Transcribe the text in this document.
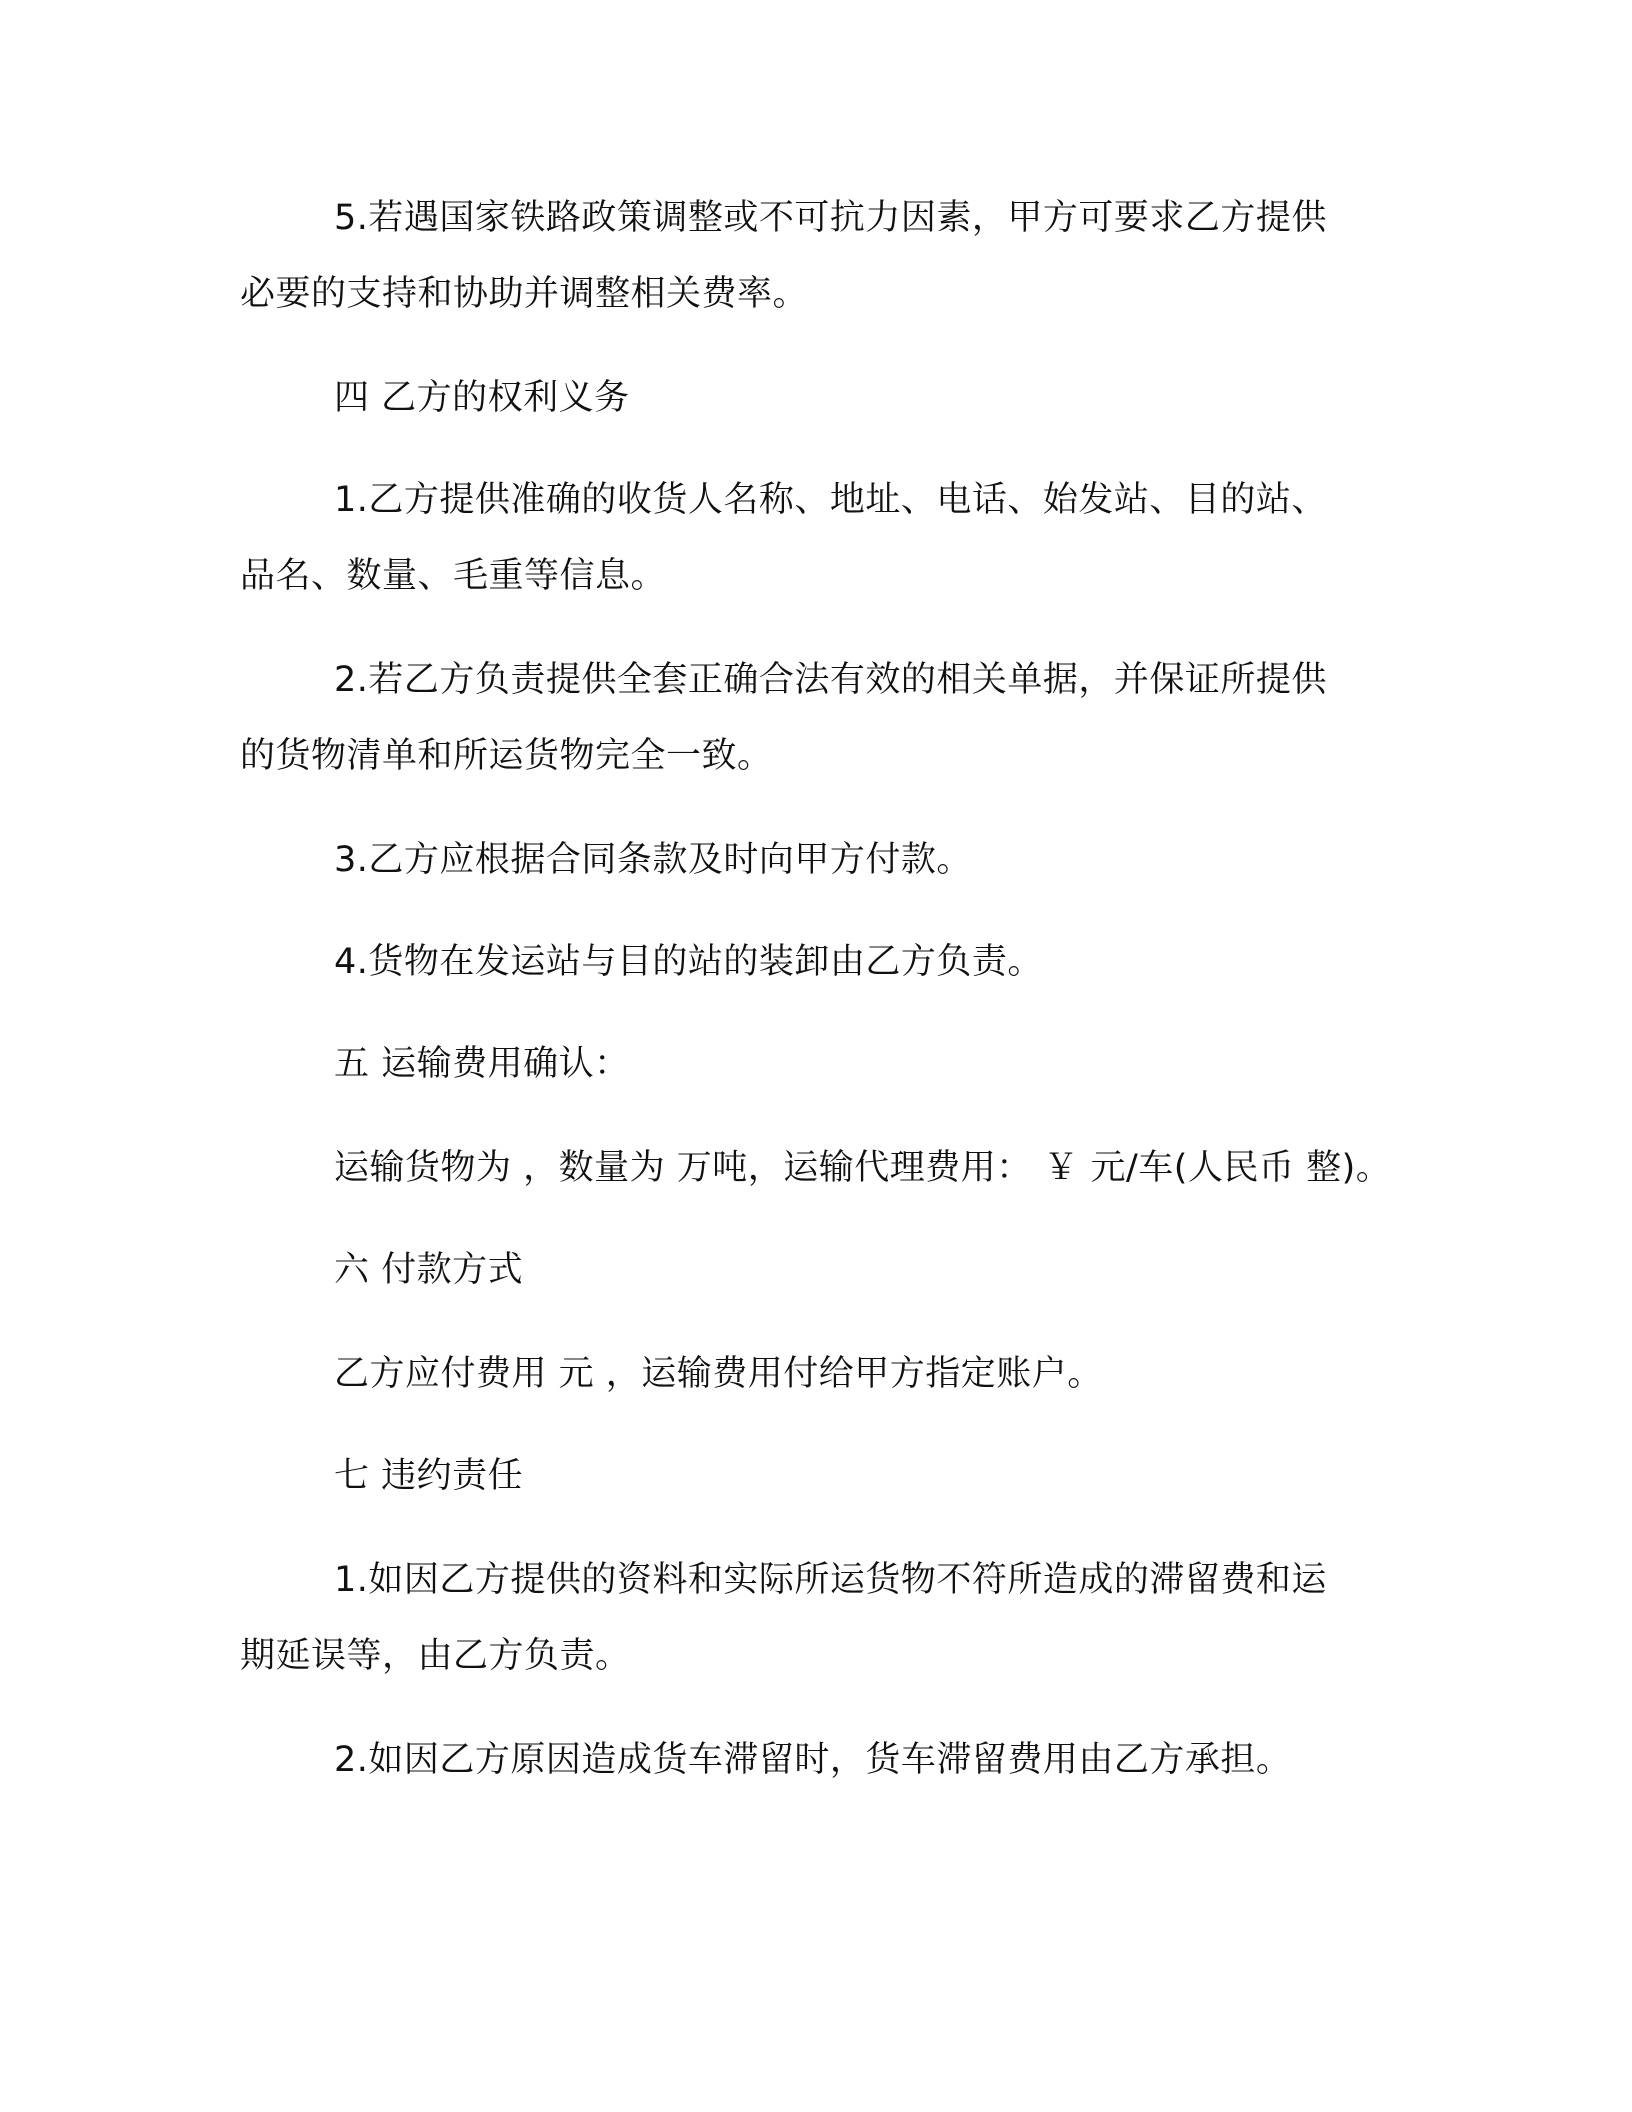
5.若遇国家铁路政策调整或不可抗力因素，甲方可要求乙方提供
必要的支持和协助并调整相关费率。
四 乙方的权利义务
1.乙方提供准确的收货人名称、地址、电话、始发站、目的站、
品名、数量、毛重等信息。
2.若乙方负责提供全套正确合法有效的相关单据，并保证所提供
的货物清单和所运货物完全一致。
3.乙方应根据合同条款及时向甲方付款。
4.货物在发运站与目的站的装卸由乙方负责。
五 运输费用确认：
运输货物为 ，数量为 万吨，运输代理费用： ￥ 元/车(人民币 整)。
六 付款方式
乙方应付费用 元 ，运输费用付给甲方指定账户。
七 违约责任
1.如因乙方提供的资料和实际所运货物不符所造成的滞留费和运
期延误等，由乙方负责。
2.如因乙方原因造成货车滞留时，货车滞留费用由乙方承担。
